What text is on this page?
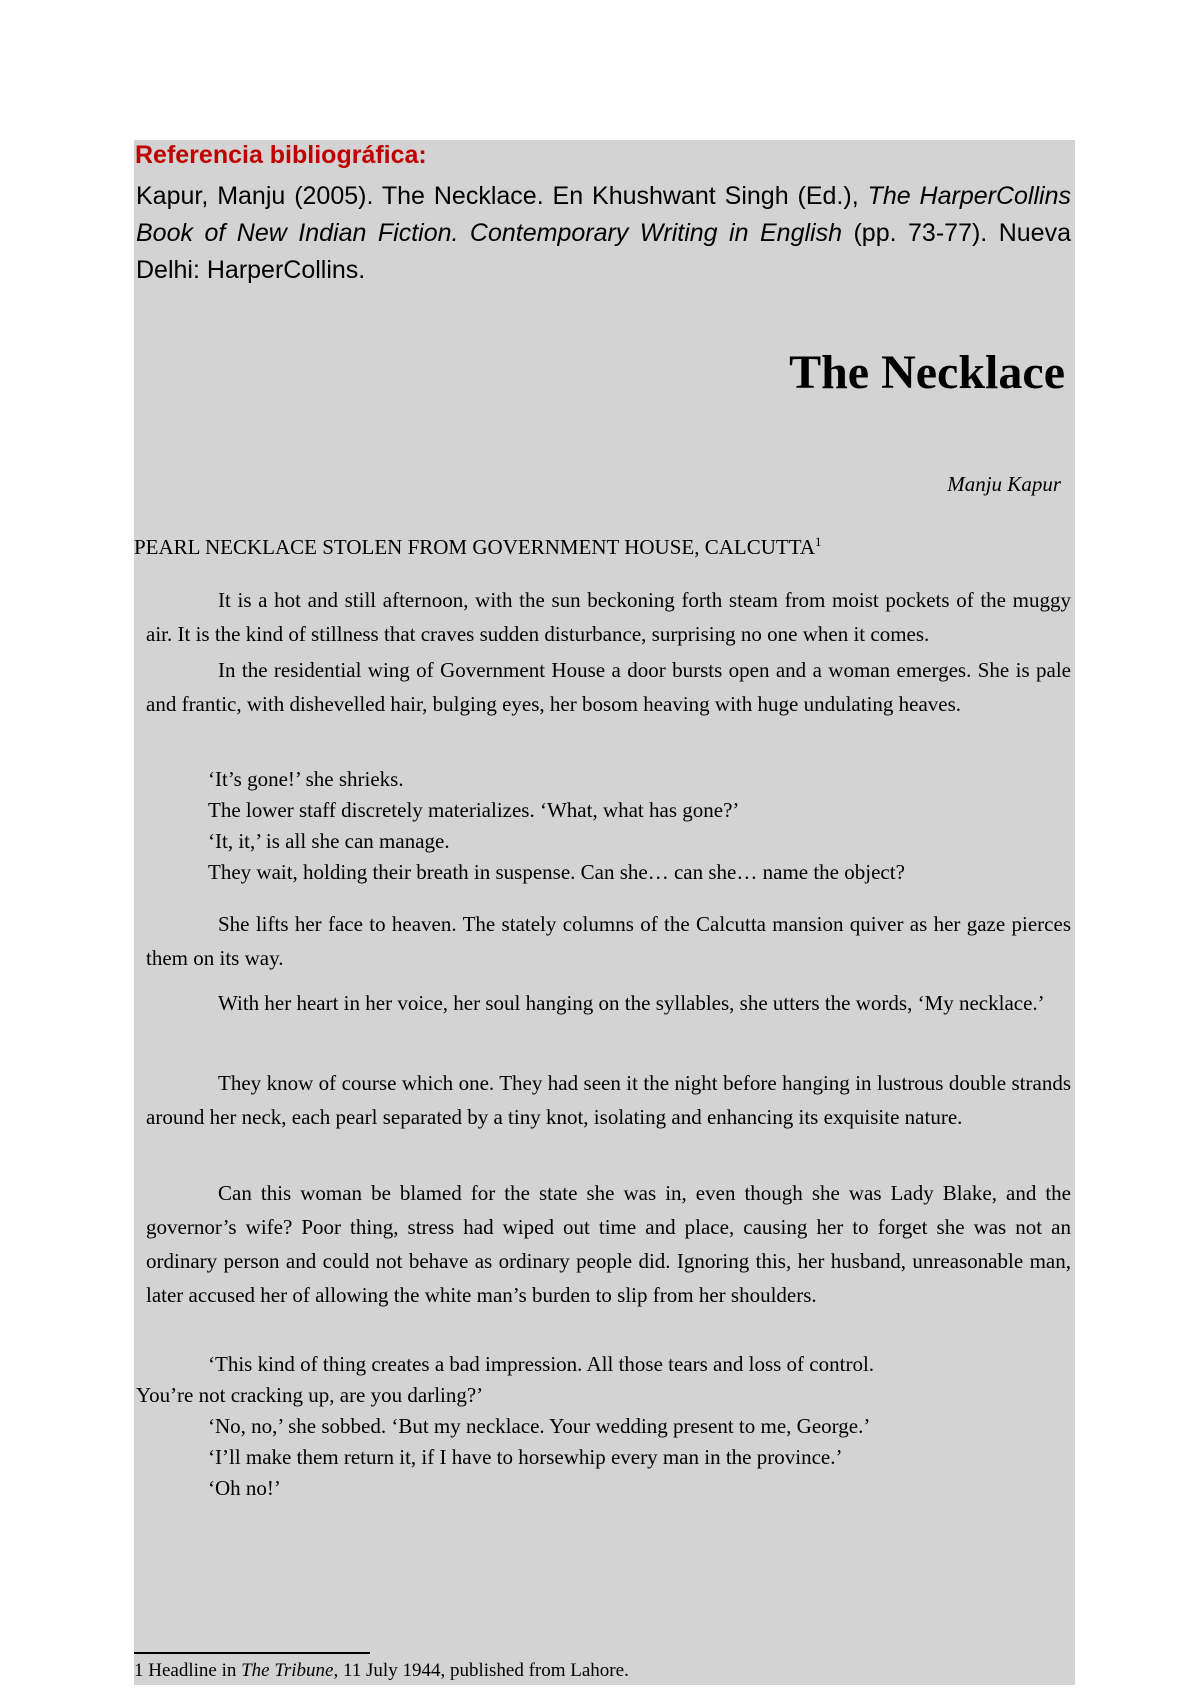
Referencia bibliográfica:

Kapur, Manju (2005). The Necklace. En Khushwant Singh (Ed.), The HarperCollins Book of New Indian Fiction. Contemporary Writing in English (pp. 73-77). Nueva Delhi: HarperCollins.

The Necklace
Manju Kapur
PEARL NECKLACE STOLEN FROM GOVERNMENT HOUSE, CALCUTTA$^1$

It is a hot and still afternoon, with the sun beckoning forth steam from moist pockets of the muggy air. It is the kind of stillness that craves sudden disturbance, surprising no one when it comes.

In the residential wing of Government House a door bursts open and a woman emerges. She is pale and frantic, with dishevelled hair, bulging eyes, her bosom heaving with huge undulating heaves.

‘It’s gone!’ she shrieks.

The lower staff discretely materializes. ‘What, what has gone?’

‘It, it,’ is all she can manage.

They wait, holding their breath in suspense. Can she… can she… name the object?

She lifts her face to heaven. The stately columns of the Calcutta mansion quiver as her gaze pierces them on its way.

With her heart in her voice, her soul hanging on the syllables, she utters the words, ‘My necklace.’

They know of course which one. They had seen it the night before hanging in lustrous double strands around her neck, each pearl separated by a tiny knot, isolating and enhancing its exquisite nature.

Can this woman be blamed for the state she was in, even though she was Lady Blake, and the governor’s wife? Poor thing, stress had wiped out time and place, causing her to forget she was not an ordinary person and could not behave as ordinary people did. Ignoring this, her husband, unreasonable man, later accused her of allowing the white man’s burden to slip from her shoulders.

‘This kind of thing creates a bad impression. All those tears and loss of control.

You’re not cracking up, are you darling?’

‘No, no,’ she sobbed. ‘But my necklace. Your wedding present to me, George.’

‘I’ll make them return it, if I have to horsewhip every man in the province.’

‘Oh no!’

1 Headline in The Tribune, 11 July 1944, published from Lahore.
